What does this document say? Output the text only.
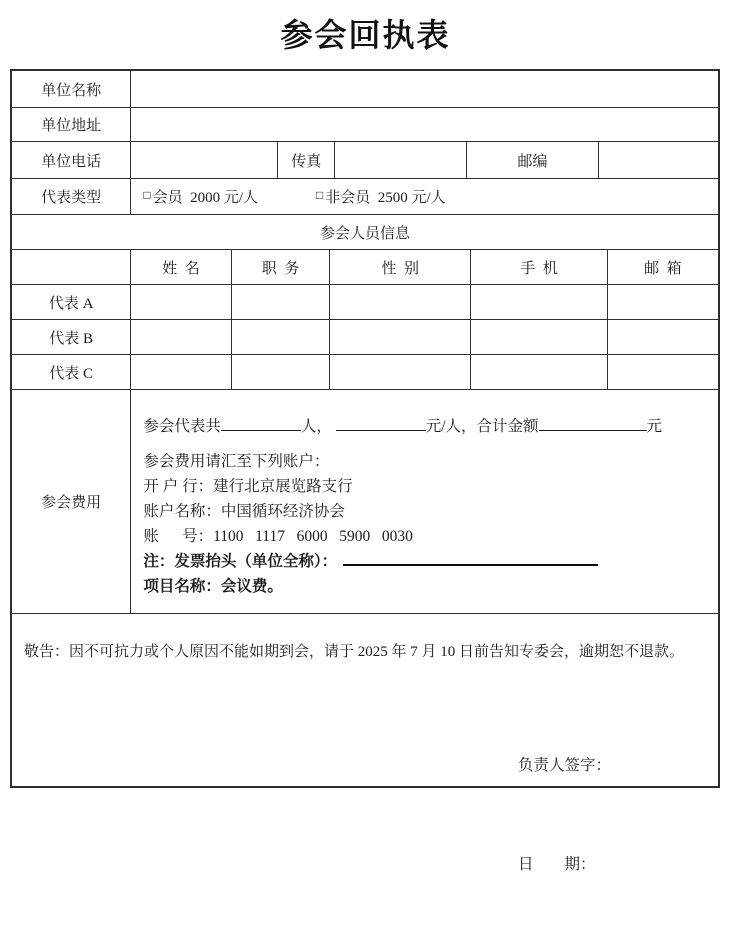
参会回执表
单位名称
单位地址
单位电话	传真	邮编
代表类型	□ 会员  2000 元/人	□ 非会员  2500 元/人
参会人员信息
姓  名	职  务	性  别	手  机	邮  箱
代表 A
代表 B
代表 C
参会费用
参会代表共	人，	元/人，合计金额	元
参会费用请汇至下列账户：
开 户 行：建行北京展览路支行
账户名称：中国循环经济协会
账      号：1100   1117   6000   5900   0030
注：发票抬头（单位全称）：
项目名称：会议费。
敬告：因不可抗力或个人原因不能如期到会，请于 2025 年 7 月 10 日前告知专委会，逾期恕不退款。

负责人签字：

日        期：
